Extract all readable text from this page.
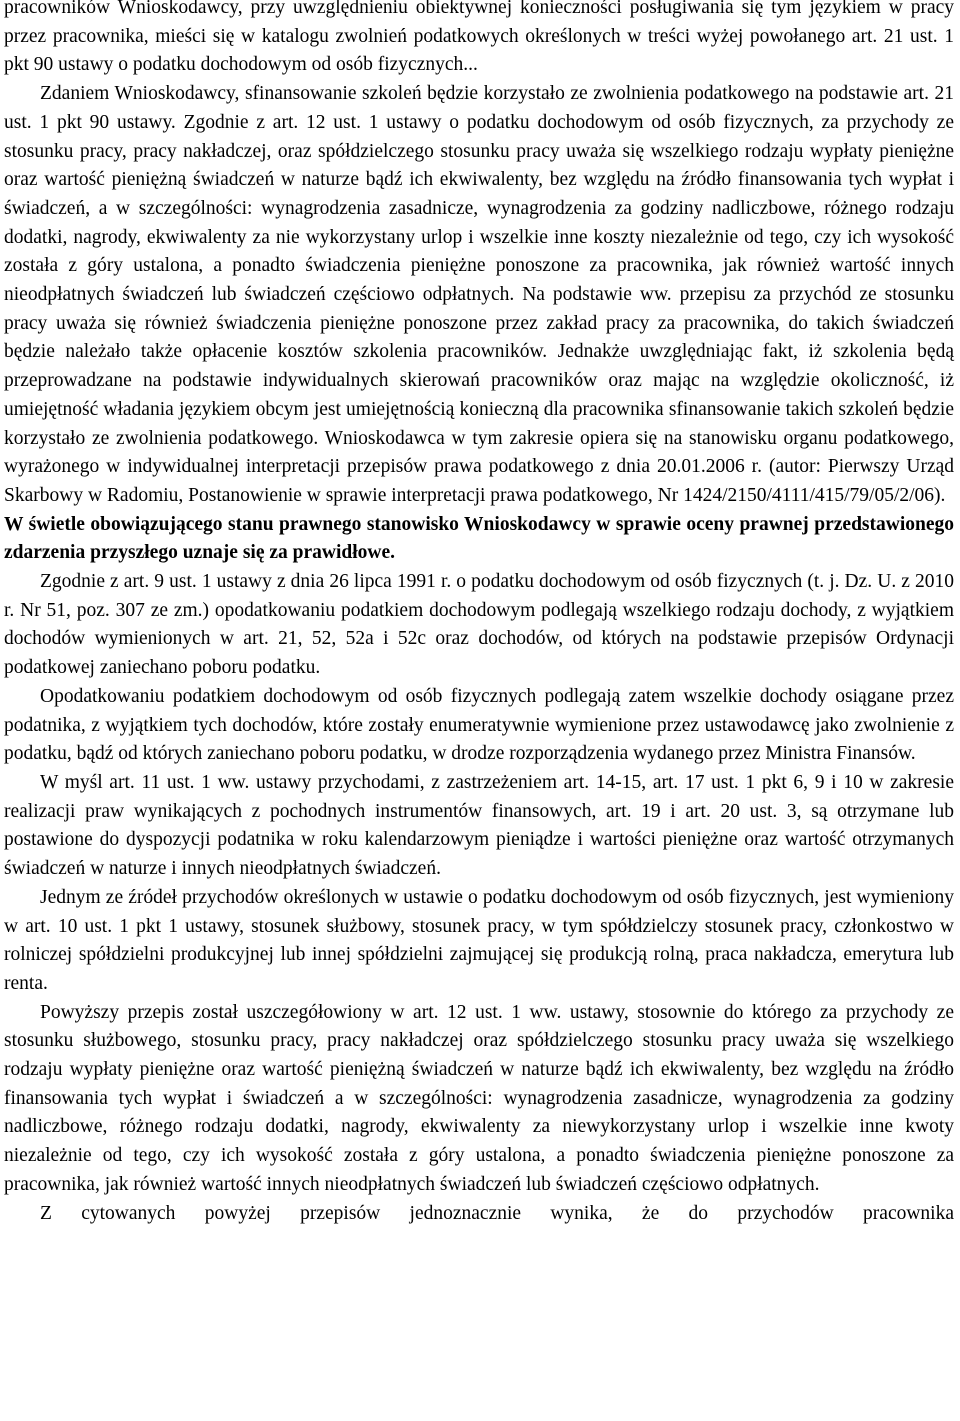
pracowników Wnioskodawcy, przy uwzględnieniu obiektywnej konieczności posługiwania się tym językiem w pracy przez pracownika, mieści się w katalogu zwolnień podatkowych określonych w treści wyżej powołanego art. 21 ust. 1 pkt 90 ustawy o podatku dochodowym od osób fizycznych...

Zdaniem Wnioskodawcy, sfinansowanie szkoleń będzie korzystało ze zwolnienia podatkowego na podstawie art. 21 ust. 1 pkt 90 ustawy. Zgodnie z art. 12 ust. 1 ustawy o podatku dochodowym od osób fizycznych, za przychody ze stosunku pracy, pracy nakładczej, oraz spółdzielczego stosunku pracy uważa się wszelkiego rodzaju wypłaty pieniężne oraz wartość pieniężną świadczeń w naturze bądź ich ekwiwalenty, bez względu na źródło finansowania tych wypłat i świadczeń, a w szczególności: wynagrodzenia zasadnicze, wynagrodzenia za godziny nadliczbowe, różnego rodzaju dodatki, nagrody, ekwiwalenty za nie wykorzystany urlop i wszelkie inne koszty niezależnie od tego, czy ich wysokość została z góry ustalona, a ponadto świadczenia pieniężne ponoszone za pracownika, jak również wartość innych nieodpłatnych świadczeń lub świadczeń częściowo odpłatnych. Na podstawie ww. przepisu za przychód ze stosunku pracy uważa się również świadczenia pieniężne ponoszone przez zakład pracy za pracownika, do takich świadczeń będzie należało także opłacenie kosztów szkolenia pracowników. Jednakże uwzględniając fakt, iż szkolenia będą przeprowadzane na podstawie indywidualnych skierowań pracowników oraz mając na względzie okoliczność, iż umiejętność władania językiem obcym jest umiejętnością konieczną dla pracownika sfinansowanie takich szkoleń będzie korzystało ze zwolnienia podatkowego. Wnioskodawca w tym zakresie opiera się na stanowisku organu podatkowego, wyrażonego w indywidualnej interpretacji przepisów prawa podatkowego z dnia 20.01.2006 r. (autor: Pierwszy Urząd Skarbowy w Radomiu, Postanowienie w sprawie interpretacji prawa podatkowego, Nr 1424/2150/4111/415/79/05/2/06).

W świetle obowiązującego stanu prawnego stanowisko Wnioskodawcy w sprawie oceny prawnej przedstawionego zdarzenia przyszłego uznaje się za prawidłowe.

Zgodnie z art. 9 ust. 1 ustawy z dnia 26 lipca 1991 r. o podatku dochodowym od osób fizycznych (t. j. Dz. U. z 2010 r. Nr 51, poz. 307 ze zm.) opodatkowaniu podatkiem dochodowym podlegają wszelkiego rodzaju dochody, z wyjątkiem dochodów wymienionych w art. 21, 52, 52a i 52c oraz dochodów, od których na podstawie przepisów Ordynacji podatkowej zaniechano poboru podatku.

Opodatkowaniu podatkiem dochodowym od osób fizycznych podlegają zatem wszelkie dochody osiągane przez podatnika, z wyjątkiem tych dochodów, które zostały enumeratywnie wymienione przez ustawodawcę jako zwolnienie z podatku, bądź od których zaniechano poboru podatku, w drodze rozporządzenia wydanego przez Ministra Finansów.

W myśl art. 11 ust. 1 ww. ustawy przychodami, z zastrzeżeniem art. 14-15, art. 17 ust. 1 pkt 6, 9 i 10 w zakresie realizacji praw wynikających z pochodnych instrumentów finansowych, art. 19 i art. 20 ust. 3, są otrzymane lub postawione do dyspozycji podatnika w roku kalendarzowym pieniądze i wartości pieniężne oraz wartość otrzymanych świadczeń w naturze i innych nieodpłatnych świadczeń.

Jednym ze źródeł przychodów określonych w ustawie o podatku dochodowym od osób fizycznych, jest wymieniony w art. 10 ust. 1 pkt 1 ustawy, stosunek służbowy, stosunek pracy, w tym spółdzielczy stosunek pracy, członkostwo w rolniczej spółdzielni produkcyjnej lub innej spółdzielni zajmującej się produkcją rolną, praca nakładcza, emerytura lub renta.

Powyższy przepis został uszczegółowiony w art. 12 ust. 1 ww. ustawy, stosownie do którego za przychody ze stosunku służbowego, stosunku pracy, pracy nakładczej oraz spółdzielczego stosunku pracy uważa się wszelkiego rodzaju wypłaty pieniężne oraz wartość pieniężną świadczeń w naturze bądź ich ekwiwalenty, bez względu na źródło finansowania tych wypłat i świadczeń a w szczególności: wynagrodzenia zasadnicze, wynagrodzenia za godziny nadliczbowe, różnego rodzaju dodatki, nagrody, ekwiwalenty za niewykorzystany urlop i wszelkie inne kwoty niezależnie od tego, czy ich wysokość została z góry ustalona, a ponadto świadczenia pieniężne ponoszone za pracownika, jak również wartość innych nieodpłatnych świadczeń lub świadczeń częściowo odpłatnych.

Z cytowanych powyżej przepisów jednoznacznie wynika, że do przychodów pracownika
